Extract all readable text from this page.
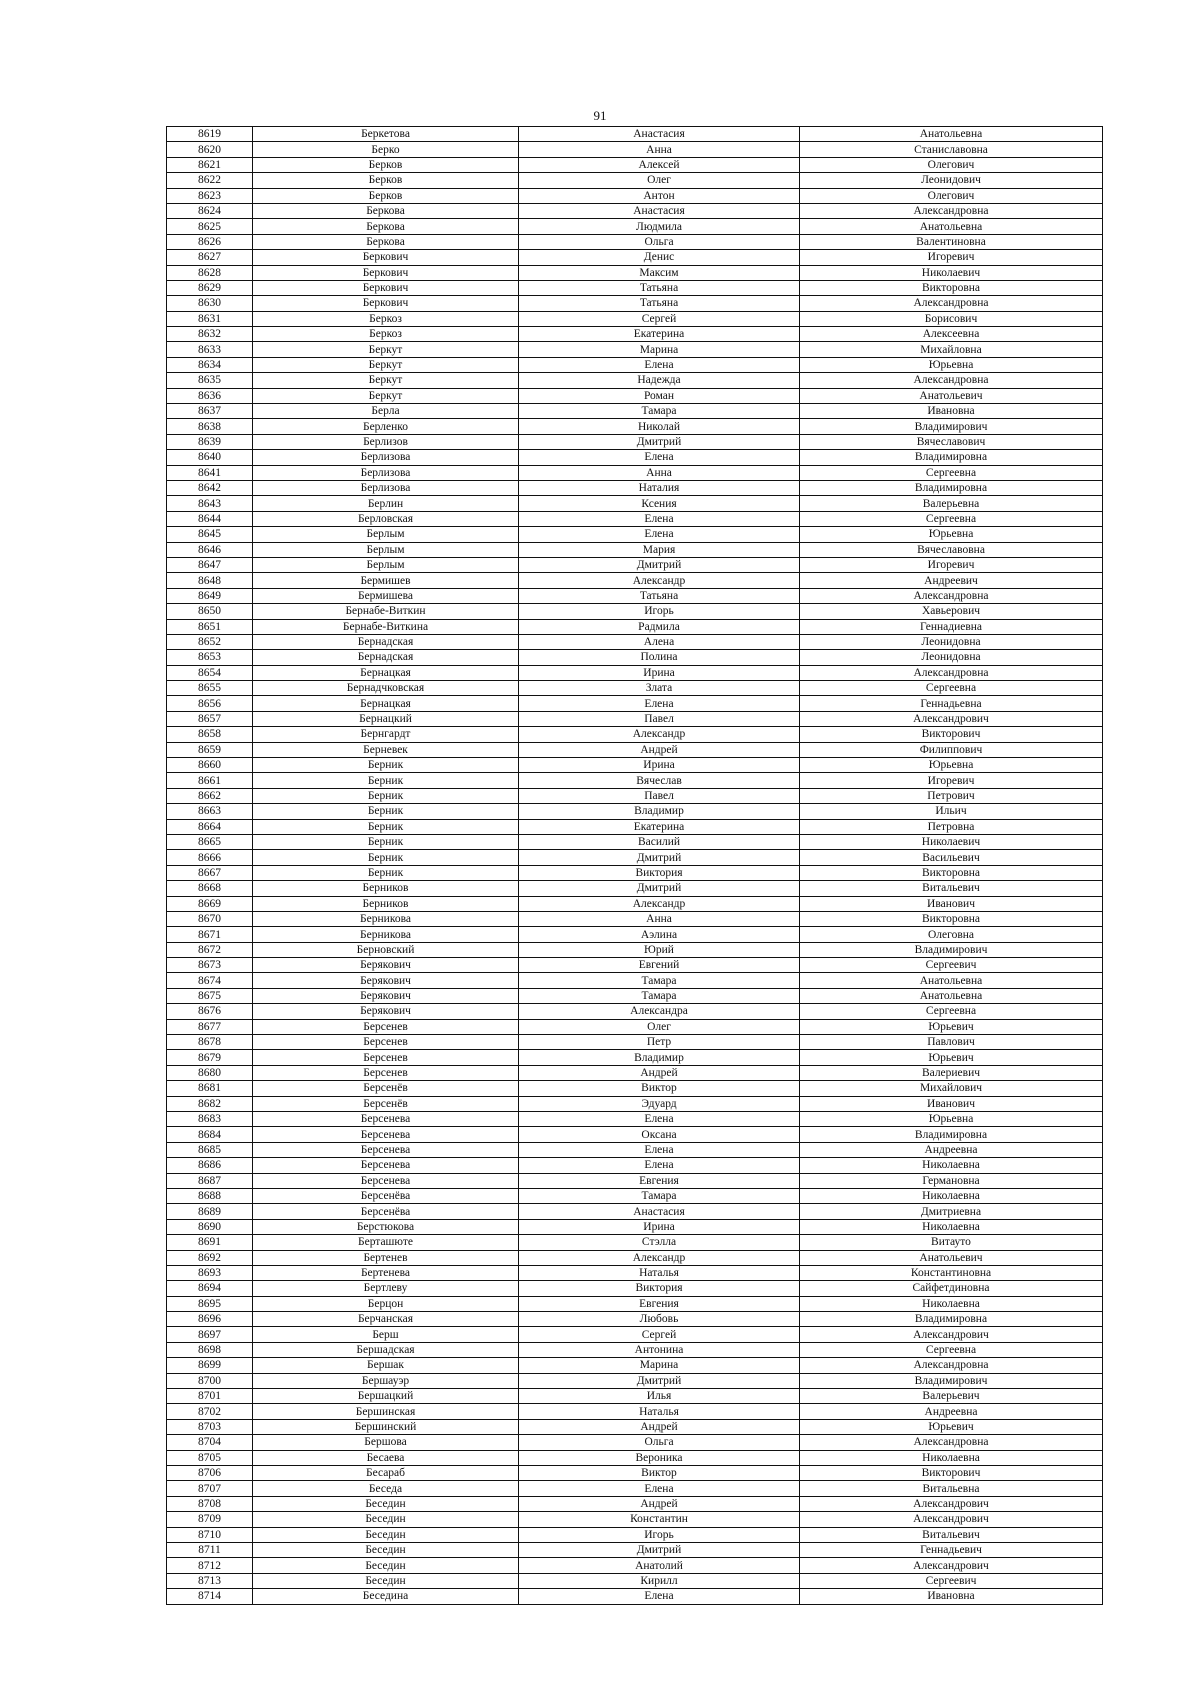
91
8619	Беркетова	Анастасия	Анатольевна
8620	Берко	Анна	Станиславовна
8621	Берков	Алексей	Олегович
8622	Берков	Олег	Леонидович
8623	Берков	Антон	Олегович
8624	Беркова	Анастасия	Александровна
8625	Беркова	Людмила	Анатольевна
8626	Беркова	Ольга	Валентиновна
8627	Беркович	Денис	Игоревич
8628	Беркович	Максим	Николаевич
8629	Беркович	Татьяна	Викторовна
8630	Беркович	Татьяна	Александровна
8631	Беркоз	Сергей	Борисович
8632	Беркоз	Екатерина	Алексеевна
8633	Беркут	Марина	Михайловна
8634	Беркут	Елена	Юрьевна
8635	Беркут	Надежда	Александровна
8636	Беркут	Роман	Анатольевич
8637	Берла	Тамара	Ивановна
8638	Берленко	Николай	Владимирович
8639	Берлизов	Дмитрий	Вячеславович
8640	Берлизова	Елена	Владимировна
8641	Берлизова	Анна	Сергеевна
8642	Берлизова	Наталия	Владимировна
8643	Берлин	Ксения	Валерьевна
8644	Берловская	Елена	Сергеевна
8645	Берлым	Елена	Юрьевна
8646	Берлым	Мария	Вячеславовна
8647	Берлым	Дмитрий	Игоревич
8648	Бермишев	Александр	Андреевич
8649	Бермишева	Татьяна	Александровна
8650	Бернабе-Виткин	Игорь	Хавьерович
8651	Бернабе-Виткина	Радмила	Геннадиевна
8652	Бернадская	Алена	Леонидовна
8653	Бернадская	Полина	Леонидовна
8654	Бернацкая	Ирина	Александровна
8655	Бернадчковская	Злата	Сергеевна
8656	Бернацкая	Елена	Геннадьевна
8657	Бернацкий	Павел	Александрович
8658	Бернгардт	Александр	Викторович
8659	Берневек	Андрей	Филиппович
8660	Берник	Ирина	Юрьевна
8661	Берник	Вячеслав	Игоревич
8662	Берник	Павел	Петрович
8663	Берник	Владимир	Ильич
8664	Берник	Екатерина	Петровна
8665	Берник	Василий	Николаевич
8666	Берник	Дмитрий	Васильевич
8667	Берник	Виктория	Викторовна
8668	Берников	Дмитрий	Витальевич
8669	Берников	Александр	Иванович
8670	Берникова	Анна	Викторовна
8671	Берникова	Аэлина	Олеговна
8672	Берновский	Юрий	Владимирович
8673	Берякович	Евгений	Сергеевич
8674	Берякович	Тамара	Анатольевна
8675	Берякович	Тамара	Анатольевна
8676	Берякович	Александра	Сергеевна
8677	Берсенев	Олег	Юрьевич
8678	Берсенев	Петр	Павлович
8679	Берсенев	Владимир	Юрьевич
8680	Берсенев	Андрей	Валериевич
8681	Берсенёв	Виктор	Михайлович
8682	Берсенёв	Эдуард	Иванович
8683	Берсенева	Елена	Юрьевна
8684	Берсенева	Оксана	Владимировна
8685	Берсенева	Елена	Андреевна
8686	Берсенева	Елена	Николаевна
8687	Берсенева	Евгения	Германовна
8688	Берсенёва	Тамара	Николаевна
8689	Берсенёва	Анастасия	Дмитриевна
8690	Берстюкова	Ирина	Николаевна
8691	Берташюте	Стэлла	Витауто
8692	Бертенев	Александр	Анатольевич
8693	Бертенева	Наталья	Константиновна
8694	Бертлеву	Виктория	Сайфетдиновна
8695	Берцон	Евгения	Николаевна
8696	Берчанская	Любовь	Владимировна
8697	Берш	Сергей	Александрович
8698	Бершадская	Антонина	Сергеевна
8699	Бершак	Марина	Александровна
8700	Бершауэр	Дмитрий	Владимирович
8701	Бершацкий	Илья	Валерьевич
8702	Бершинская	Наталья	Андреевна
8703	Бершинский	Андрей	Юрьевич
8704	Бершова	Ольга	Александровна
8705	Бесаева	Вероника	Николаевна
8706	Бесараб	Виктор	Викторович
8707	Беседа	Елена	Витальевна
8708	Беседин	Андрей	Александрович
8709	Беседин	Константин	Александрович
8710	Беседин	Игорь	Витальевич
8711	Беседин	Дмитрий	Геннадьевич
8712	Беседин	Анатолий	Александрович
8713	Беседин	Кирилл	Сергеевич
8714	Беседина	Елена	Ивановна
